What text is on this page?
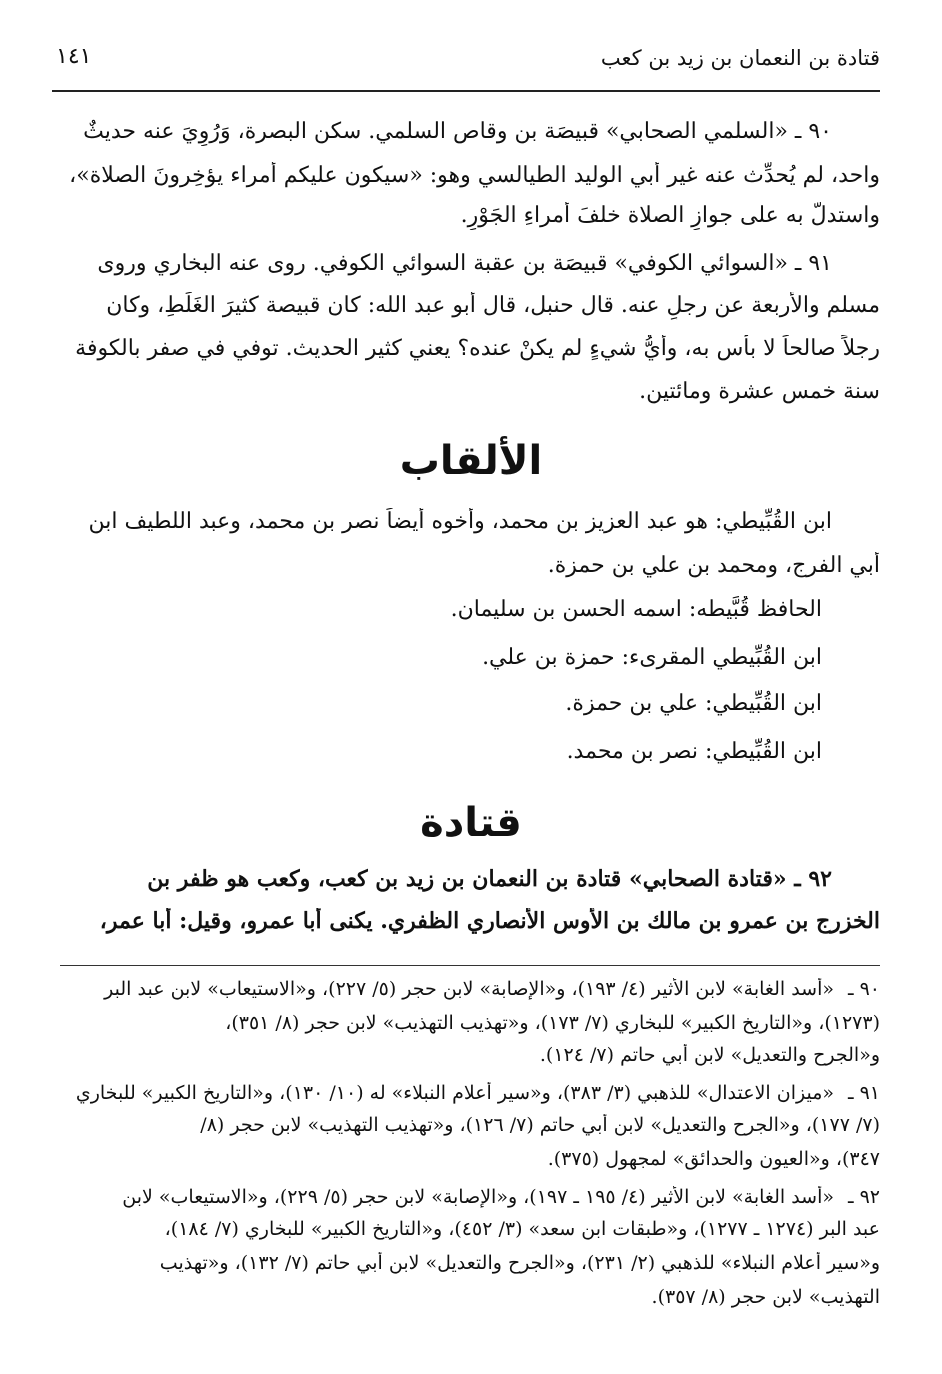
قتادة بن النعمان بن زيد بن كعب
١٤١
٩٠ ـ «السلمي الصحابي» قبيصَة بن وقاص السلمي. سكن البصرة، وَرُوِيَ عنه حديثٌ
واحد، لم يُحدِّث عنه غير أبي الوليد الطيالسي وهو: «سيكون عليكم أمراء يؤخِرونَ الصلاة»،
واستدلَّ به على جوازِ الصلاة خلفَ أمراءِ الجَوْرِ.
٩١ ـ «السوائي الكوفي» قبيصَة بن عقبة السوائي الكوفي. روى عنه البخاري وروى
مسلم والأربعة عن رجلٍ عنه. قال حنبل، قال أبو عبد الله: كان قبيصة كثيرَ الغَلَطِ، وكان
رجلاً صالحاً لا بأس به، وأيُّ شيءٍ لم يكنْ عنده؟ يعني كثير الحديث. توفي في صفر بالكوفة
سنة خمس عشرة ومائتين.
الألقاب
ابن القُبِّيطي: هو عبد العزيز بن محمد، وأخوه أيضاً نصر بن محمد، وعبد اللطيف ابن
أبي الفرج، ومحمد بن علي بن حمزة.
الحافظ قُبَّيطه: اسمه الحسن بن سليمان.
ابن القُبِّيطي المقرىء: حمزة بن علي.
ابن القُبِّيطي: علي بن حمزة.
ابن القُبِّيطي: نصر بن محمد.
قتادة
٩٢ ـ «قتادة الصحابي» قتادة بن النعمان بن زيد بن كعب، وكعب هو ظفر بن
الخزرج بن عمرو بن مالك بن الأوس الأنصاري الظفري. يكنى أبا عمرو، وقيل: أبا عمر،
٩٠ ـ
«أسد الغابة» لابن الأثير (٤/ ١٩٣)، و«الإصابة» لابن حجر (٥/ ٢٢٧)، و«الاستيعاب» لابن عبد البر
(١٢٧٣)، و«التاريخ الكبير» للبخاري (٧/ ١٧٣)، و«تهذيب التهذيب» لابن حجر (٨/ ٣٥١)،
و«الجرح والتعديل» لابن أبي حاتم (٧/ ١٢٤).
٩١ ـ
«ميزان الاعتدال» للذهبي (٣/ ٣٨٣)، و«سير أعلام النبلاء» له (١٠/ ١٣٠)، و«التاريخ الكبير» للبخاري
(٧/ ١٧٧)، و«الجرح والتعديل» لابن أبي حاتم (٧/ ١٢٦)، و«تهذيب التهذيب» لابن حجر (٨/
٣٤٧)، و«العيون والحدائق» لمجهول (٣٧٥).
٩٢ ـ
«أسد الغابة» لابن الأثير (٤/ ١٩٥ ـ ١٩٧)، و«الإصابة» لابن حجر (٥/ ٢٢٩)، و«الاستيعاب» لابن
عبد البر (١٢٧٤ ـ ١٢٧٧)، و«طبقات ابن سعد» (٣/ ٤٥٢)، و«التاريخ الكبير» للبخاري (٧/ ١٨٤)،
و«سير أعلام النبلاء» للذهبي (٢/ ٢٣١)، و«الجرح والتعديل» لابن أبي حاتم (٧/ ١٣٢)، و«تهذيب
التهذيب» لابن حجر (٨/ ٣٥٧).
